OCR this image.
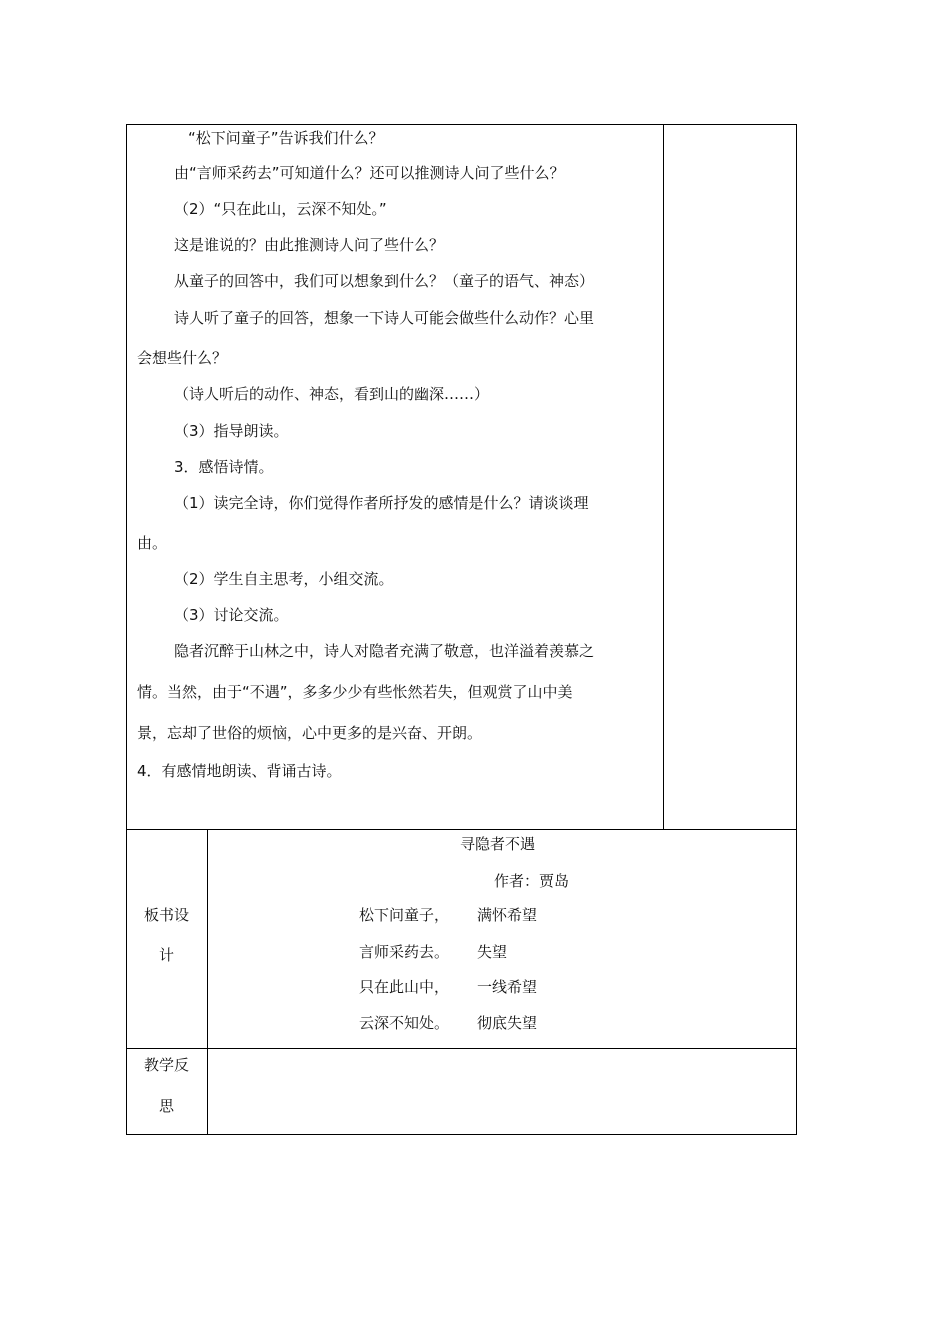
“松下问童子”告诉我们什么？
由“言师采药去”可知道什么？还可以推测诗人问了些什么？
（2）“只在此山，云深不知处。”
这是谁说的？由此推测诗人问了些什么？
从童子的回答中，我们可以想象到什么？（童子的语气、神态）
诗人听了童子的回答，想象一下诗人可能会做些什么动作？心里
会想些什么？
（诗人听后的动作、神态，看到山的幽深……）
（3）指导朗读。
3．感悟诗情。
（1）读完全诗，你们觉得作者所抒发的感情是什么？请谈谈理
由。
（2）学生自主思考，小组交流。
（3）讨论交流。
隐者沉醉于山林之中，诗人对隐者充满了敬意，也洋溢着羡慕之
情。当然，由于“不遇”，多多少少有些怅然若失，但观赏了山中美
景，忘却了世俗的烦恼，心中更多的是兴奋、开朗。
4．有感情地朗读、背诵古诗。
板书设
计
寻隐者不遇
作者：贾岛
松下问童子， 满怀希望
言师采药去。 失望
只在此山中， 一线希望
云深不知处。 彻底失望
教学反
思
